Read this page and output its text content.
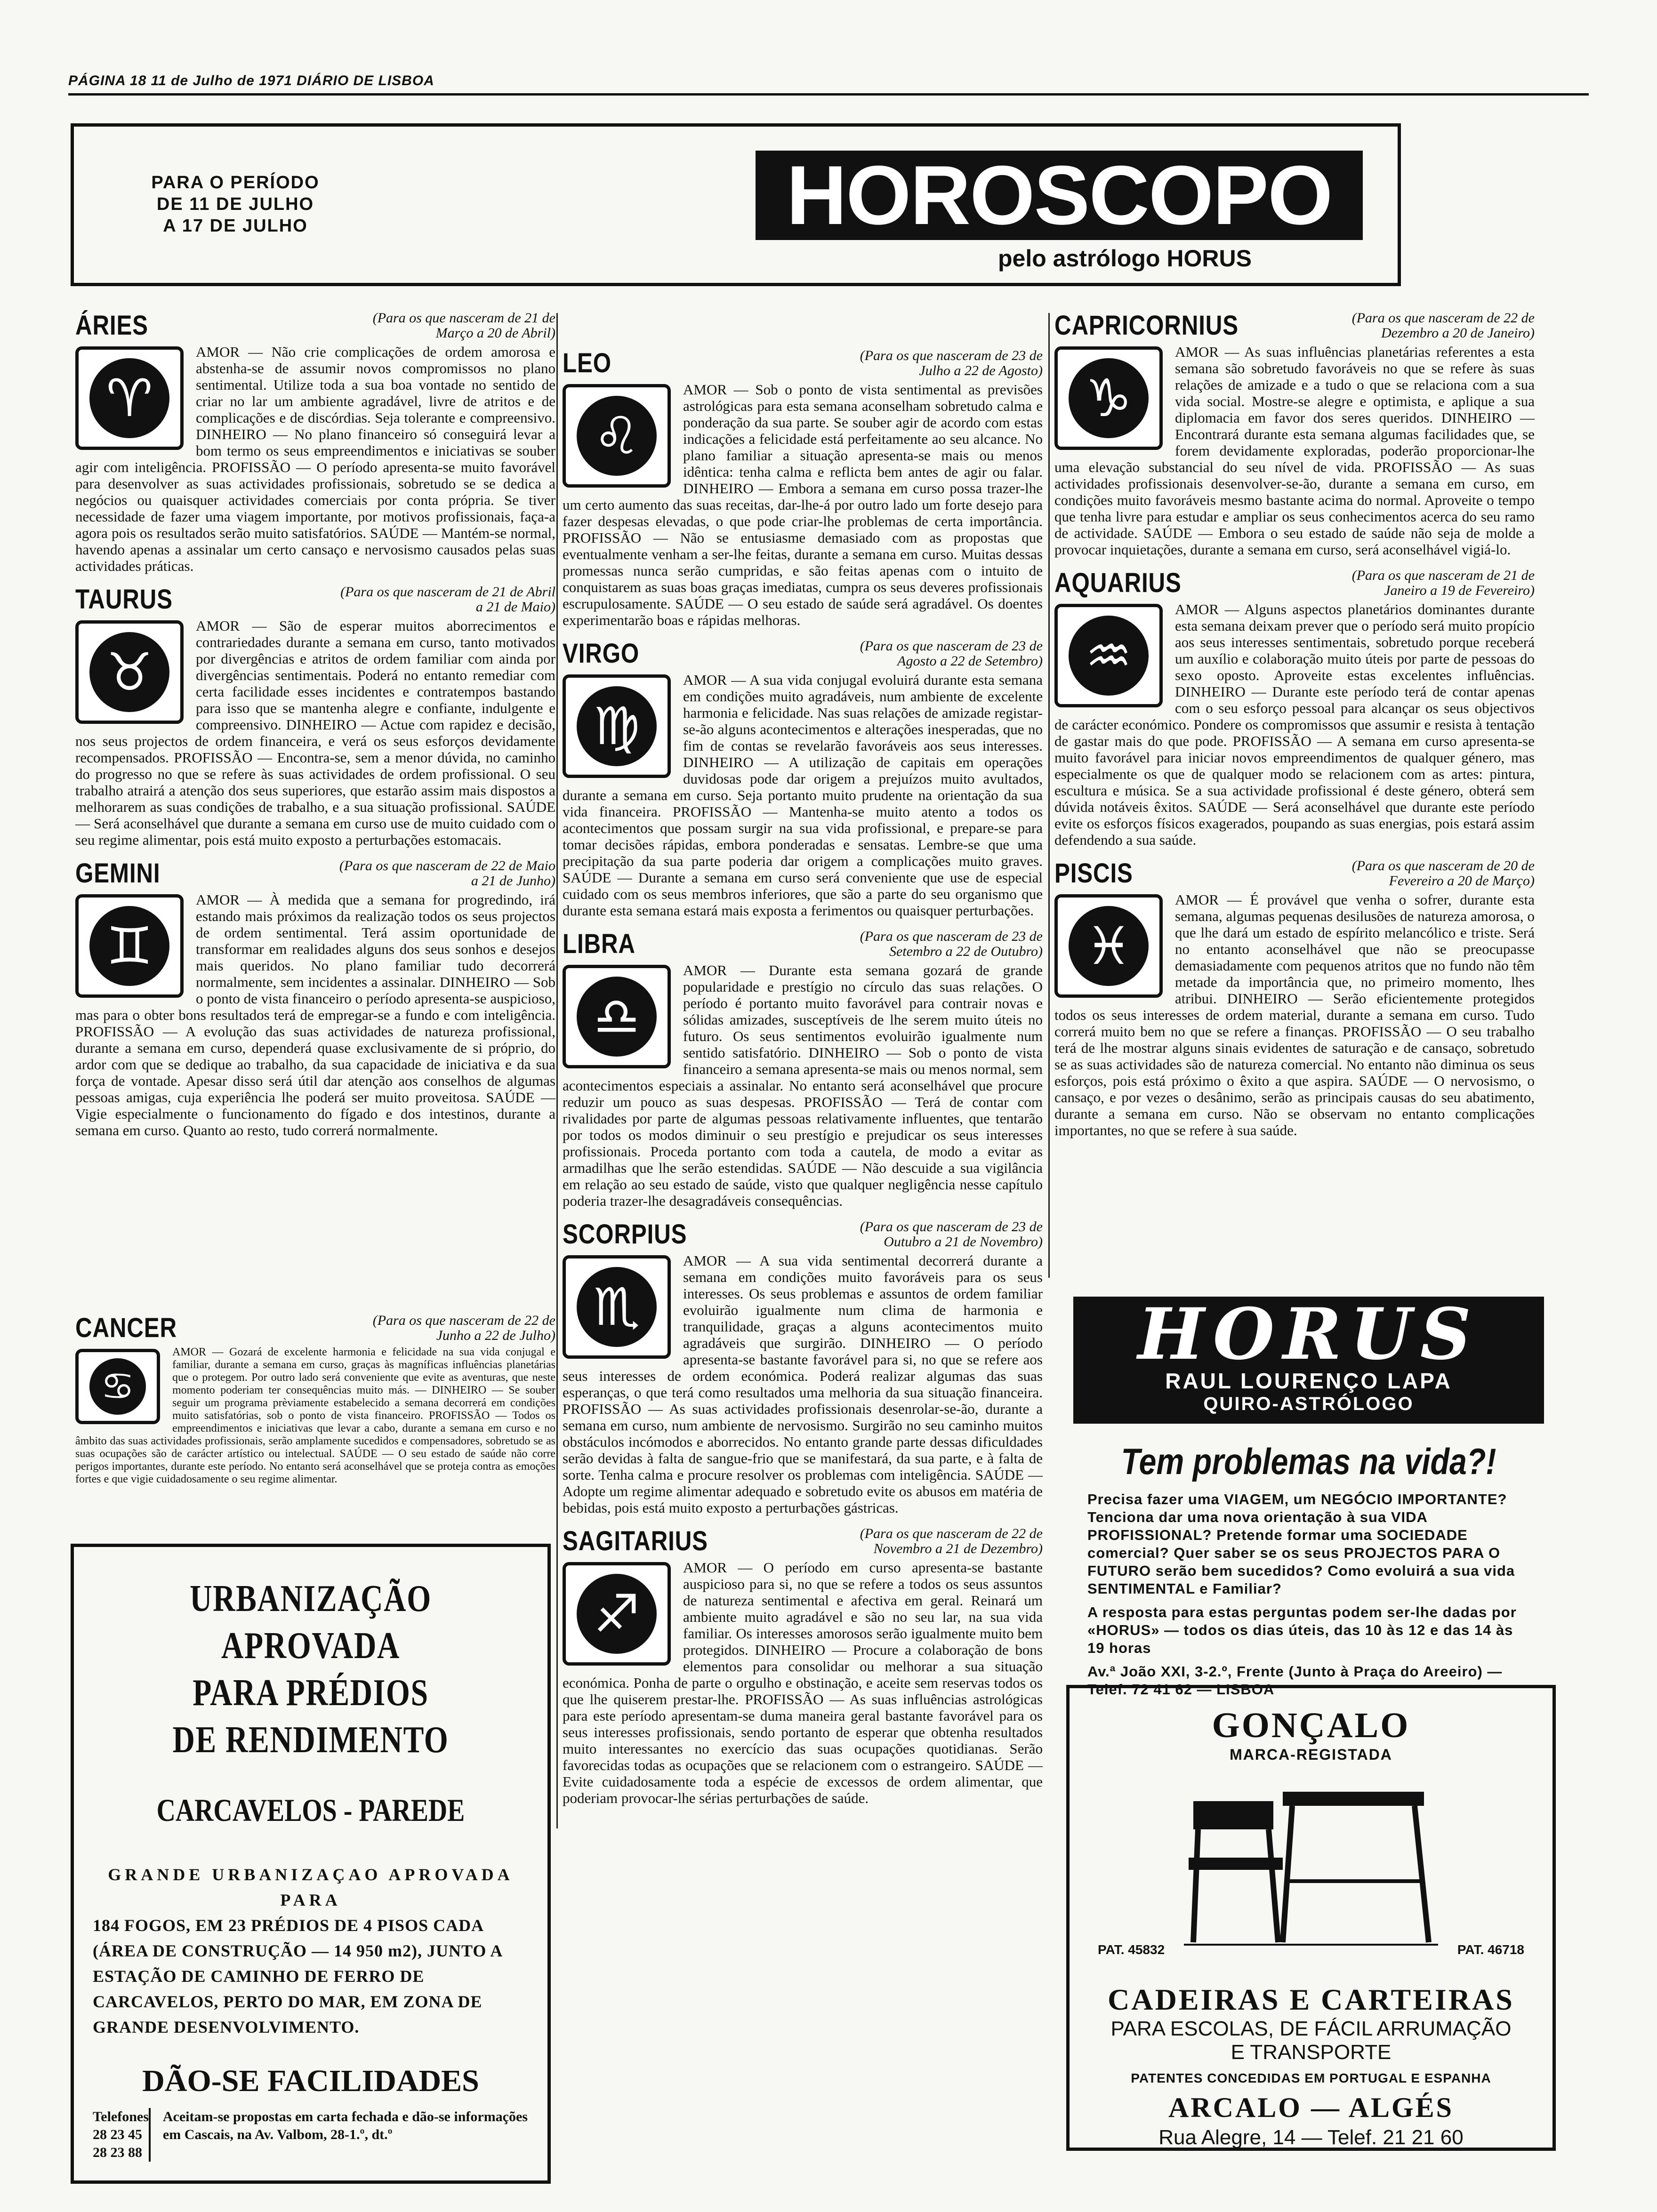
PÁGINA 18 11 de Julho de 1971 DIÁRIO DE LISBOA
PARA O PERÍODO
DE 11 DE JULHO
A 17 DE JULHO	HOROSCOPO
pelo astrólogo HORUS
ÁRIES	(Para os que nasceram de 21 de Março a 20 de Abril)
♈
AMOR — Não crie complicações de ordem amorosa e abstenha-se de assumir novos compromissos no plano sentimental. Utilize toda a sua boa vontade no sentido de criar no lar um ambiente agradável, livre de atritos e de complicações e de discórdias. Seja tolerante e compreensivo. DINHEIRO — No plano financeiro só conseguirá levar a bom termo os seus empreendimentos e iniciativas se souber agir com inteligência. PROFISSÃO — O período apresenta-se muito favorável para desenvolver as suas actividades profissionais, sobretudo se se dedica a negócios ou quaisquer actividades comerciais por conta própria. Se tiver necessidade de fazer uma viagem importante, por motivos profissionais, faça-a agora pois os resultados serão muito satisfatórios. SAÚDE — Mantém-se normal, havendo apenas a assinalar um certo cansaço e nervosismo causados pelas suas actividades práticas.
TAURUS	(Para os que nasceram de 21 de Abril a 21 de Maio)
♉
AMOR — São de esperar muitos aborrecimentos e contrariedades durante a semana em curso, tanto motivados por divergências e atritos de ordem familiar com ainda por divergências sentimentais. Poderá no entanto remediar com certa facilidade esses incidentes e contratempos bastando para isso que se mantenha alegre e confiante, indulgente e compreensivo. DINHEIRO — Actue com rapidez e decisão, nos seus projectos de ordem financeira, e verá os seus esforços devidamente recompensados. PROFISSÃO — Encontra-se, sem a menor dúvida, no caminho do progresso no que se refere às suas actividades de ordem profissional. O seu trabalho atrairá a atenção dos seus superiores, que estarão assim mais dispostos a melhorarem as suas condições de trabalho, e a sua situação profissional. SAÚDE — Será aconselhável que durante a semana em curso use de muito cuidado com o seu regime alimentar, pois está muito exposto a perturbações estomacais.
GEMINI	(Para os que nasceram de 22 de Maio a 21 de Junho)
♊
AMOR — À medida que a semana for progredindo, irá estando mais próximos da realização todos os seus projectos de ordem sentimental. Terá assim oportunidade de transformar em realidades alguns dos seus sonhos e desejos mais queridos. No plano familiar tudo decorrerá normalmente, sem incidentes a assinalar. DINHEIRO — Sob o ponto de vista financeiro o período apresenta-se auspicioso, mas para o obter bons resultados terá de empregar-se a fundo e com inteligência. PROFISSÃO — A evolução das suas actividades de natureza profissional, durante a semana em curso, dependerá quase exclusivamente de si próprio, do ardor com que se dedique ao trabalho, da sua capacidade de iniciativa e da sua força de vontade. Apesar disso será útil dar atenção aos conselhos de algumas pessoas amigas, cuja experiência lhe poderá ser muito proveitosa. SAÚDE — Vigie especialmente o funcionamento do fígado e dos intestinos, durante a semana em curso. Quanto ao resto, tudo correrá normalmente.
CANCER	(Para os que nasceram de 22 de Junho a 22 de Julho)
♋
AMOR — Gozará de excelente harmonia e felicidade na sua vida conjugal e familiar, durante a semana em curso, graças às magníficas influências planetárias que o protegem. Por outro lado será conveniente que evite as aventuras, que neste momento poderiam ter consequências muito más. — DINHEIRO — Se souber seguir um programa prèviamente estabelecido a semana decorrerá em condições muito satisfatórias, sob o ponto de vista financeiro. PROFISSÃO — Todos os empreendimentos e iniciativas que levar a cabo, durante a semana em curso e no âmbito das suas actividades profissionais, serão amplamente sucedidos e compensadores, sobretudo se as suas ocupações são de carácter artístico ou intelectual. SAÚDE — O seu estado de saúde não corre perigos importantes, durante este período. No entanto será aconselhável que se proteja contra as emoções fortes e que vigie cuidadosamente o seu regime alimentar.
URBANIZAÇÃO APROVADA
PARA PRÉDIOS
DE RENDIMENTO
CARCAVELOS - PAREDE
GRANDE URBANIZAÇAO APROVADA PARA
184 FOGOS, EM 23 PRÉDIOS DE 4 PISOS CADA (ÁREA DE CONSTRUÇÃO — 14 950 m2), JUNTO A ESTAÇÃO DE CAMINHO DE FERRO DE CARCAVELOS, PERTO DO MAR, EM ZONA DE GRANDE DESENVOLVIMENTO.
DÃO-SE FACILIDADES
Telefones
28 23 45
28 23 88
Aceitam-se propostas em carta fechada e dão-se informações em Cascais, na Av. Valbom, 28-1.º, dt.º
LEO	(Para os que nasceram de 23 de Julho a 22 de Agosto)
♌
AMOR — Sob o ponto de vista sentimental as previsões astrológicas para esta semana aconselham sobretudo calma e ponderação da sua parte. Se souber agir de acordo com estas indicações a felicidade está perfeitamente ao seu alcance. No plano familiar a situação apresenta-se mais ou menos idêntica: tenha calma e reflicta bem antes de agir ou falar. DINHEIRO — Embora a semana em curso possa trazer-lhe um certo aumento das suas receitas, dar-lhe-á por outro lado um forte desejo para fazer despesas elevadas, o que pode criar-lhe problemas de certa importância. PROFISSÃO — Não se entusiasme demasiado com as propostas que eventualmente venham a ser-lhe feitas, durante a semana em curso. Muitas dessas promessas nunca serão cumpridas, e são feitas apenas com o intuito de conquistarem as suas boas graças imediatas, cumpra os seus deveres profissionais escrupulosamente. SAÚDE — O seu estado de saúde será agradável. Os doentes experimentarão boas e rápidas melhoras.
VIRGO	(Para os que nasceram de 23 de Agosto a 22 de Setembro)
♍
AMOR — A sua vida conjugal evoluirá durante esta semana em condições muito agradáveis, num ambiente de excelente harmonia e felicidade. Nas suas relações de amizade registar-se-ão alguns acontecimentos e alterações inesperadas, que no fim de contas se revelarão favoráveis aos seus interesses. DINHEIRO — A utilização de capitais em operações duvidosas pode dar origem a prejuízos muito avultados, durante a semana em curso. Seja portanto muito prudente na orientação da sua vida financeira. PROFISSÃO — Mantenha-se muito atento a todos os acontecimentos que possam surgir na sua vida profissional, e prepare-se para tomar decisões rápidas, embora ponderadas e sensatas. Lembre-se que uma precipitação da sua parte poderia dar origem a complicações muito graves. SAÚDE — Durante a semana em curso será conveniente que use de especial cuidado com os seus membros inferiores, que são a parte do seu organismo que durante esta semana estará mais exposta a ferimentos ou quaisquer perturbações.
LIBRA	(Para os que nasceram de 23 de Setembro a 22 de Outubro)
♎
AMOR — Durante esta semana gozará de grande popularidade e prestígio no círculo das suas relações. O período é portanto muito favorável para contrair novas e sólidas amizades, susceptíveis de lhe serem muito úteis no futuro. Os seus sentimentos evoluirão igualmente num sentido satisfatório. DINHEIRO — Sob o ponto de vista financeiro a semana apresenta-se mais ou menos normal, sem acontecimentos especiais a assinalar. No entanto será aconselhável que procure reduzir um pouco as suas despesas. PROFISSÃO — Terá de contar com rivalidades por parte de algumas pessoas relativamente influentes, que tentarão por todos os modos diminuir o seu prestígio e prejudicar os seus interesses profissionais. Proceda portanto com toda a cautela, de modo a evitar as armadilhas que lhe serão estendidas. SAÚDE — Não descuide a sua vigilância em relação ao seu estado de saúde, visto que qualquer negligência nesse capítulo poderia trazer-lhe desagradáveis consequências.
SCORPIUS	(Para os que nasceram de 23 de Outubro a 21 de Novembro)
♏
AMOR — A sua vida sentimental decorrerá durante a semana em condições muito favoráveis para os seus interesses. Os seus problemas e assuntos de ordem familiar evoluirão igualmente num clima de harmonia e tranquilidade, graças a alguns acontecimentos muito agradáveis que surgirão. DINHEIRO — O período apresenta-se bastante favorável para si, no que se refere aos seus interesses de ordem económica. Poderá realizar algumas das suas esperanças, o que terá como resultados uma melhoria da sua situação financeira. PROFISSÃO — As suas actividades profissionais desenrolar-se-ão, durante a semana em curso, num ambiente de nervosismo. Surgirão no seu caminho muitos obstáculos incómodos e aborrecidos. No entanto grande parte dessas dificuldades serão devidas à falta de sangue-frio que se manifestará, da sua parte, e à falta de sorte. Tenha calma e procure resolver os problemas com inteligência. SAÚDE — Adopte um regime alimentar adequado e sobretudo evite os abusos em matéria de bebidas, pois está muito exposto a perturbações gástricas.
SAGITARIUS	(Para os que nasceram de 22 de Novembro a 21 de Dezembro)
♐
AMOR — O período em curso apresenta-se bastante auspicioso para si, no que se refere a todos os seus assuntos de natureza sentimental e afectiva em geral. Reinará um ambiente muito agradável e são no seu lar, na sua vida familiar. Os interesses amorosos serão igualmente muito bem protegidos. DINHEIRO — Procure a colaboração de bons elementos para consolidar ou melhorar a sua situação económica. Ponha de parte o orgulho e obstinação, e aceite sem reservas todos os que lhe quiserem prestar-lhe. PROFISSÃO — As suas influências astrológicas para este período apresentam-se duma maneira geral bastante favorável para os seus interesses profissionais, sendo portanto de esperar que obtenha resultados muito interessantes no exercício das suas ocupações quotidianas. Serão favorecidas todas as ocupações que se relacionem com o estrangeiro. SAÚDE — Evite cuidadosamente toda a espécie de excessos de ordem alimentar, que poderiam provocar-lhe sérias perturbações de saúde.
CAPRICORNIUS	(Para os que nasceram de 22 de Dezembro a 20 de Janeiro)
♑
AMOR — As suas influências planetárias referentes a esta semana são sobretudo favoráveis no que se refere às suas relações de amizade e a tudo o que se relaciona com a sua vida social. Mostre-se alegre e optimista, e aplique a sua diplomacia em favor dos seres queridos. DINHEIRO — Encontrará durante esta semana algumas facilidades que, se forem devidamente exploradas, poderão proporcionar-lhe uma elevação substancial do seu nível de vida. PROFISSÃO — As suas actividades profissionais desenvolver-se-ão, durante a semana em curso, em condições muito favoráveis mesmo bastante acima do normal. Aproveite o tempo que tenha livre para estudar e ampliar os seus conhecimentos acerca do seu ramo de actividade. SAÚDE — Embora o seu estado de saúde não seja de molde a provocar inquietações, durante a semana em curso, será aconselhável vigiá-lo.
AQUARIUS	(Para os que nasceram de 21 de Janeiro a 19 de Fevereiro)
♒
AMOR — Alguns aspectos planetários dominantes durante esta semana deixam prever que o período será muito propício aos seus interesses sentimentais, sobretudo porque receberá um auxílio e colaboração muito úteis por parte de pessoas do sexo oposto. Aproveite estas excelentes influências. DINHEIRO — Durante este período terá de contar apenas com o seu esforço pessoal para alcançar os seus objectivos de carácter económico. Pondere os compromissos que assumir e resista à tentação de gastar mais do que pode. PROFISSÃO — A semana em curso apresenta-se muito favorável para iniciar novos empreendimentos de qualquer género, mas especialmente os que de qualquer modo se relacionem com as artes: pintura, escultura e música. Se a sua actividade profissional é deste género, obterá sem dúvida notáveis êxitos. SAÚDE — Será aconselhável que durante este período evite os esforços físicos exagerados, poupando as suas energias, pois estará assim defendendo a sua saúde.
PISCIS	(Para os que nasceram de 20 de Fevereiro a 20 de Março)
♓
AMOR — É provável que venha o sofrer, durante esta semana, algumas pequenas desilusões de natureza amorosa, o que lhe dará um estado de espírito melancólico e triste. Será no entanto aconselhável que não se preocupasse demasiadamente com pequenos atritos que no fundo não têm metade da importância que, no primeiro momento, lhes atribui. DINHEIRO — Serão eficientemente protegidos todos os seus interesses de ordem material, durante a semana em curso. Tudo correrá muito bem no que se refere a finanças. PROFISSÃO — O seu trabalho terá de lhe mostrar alguns sinais evidentes de saturação e de cansaço, sobretudo se as suas actividades são de natureza comercial. No entanto não diminua os seus esforços, pois está próximo o êxito a que aspira. SAÚDE — O nervosismo, o cansaço, e por vezes o desânimo, serão as principais causas do seu abatimento, durante a semana em curso. Não se observam no entanto complicações importantes, no que se refere à sua saúde.
HORUS
RAUL LOURENÇO LAPA
QUIRO-ASTRÓLOGO
Tem problemas na vida?!

Precisa fazer uma VIAGEM, um NEGÓCIO IMPORTANTE? Tenciona dar uma nova orientação à sua VIDA PROFISSIONAL? Pretende formar uma SOCIEDADE comercial? Quer saber se os seus PROJECTOS PARA O FUTURO serão bem sucedidos? Como evoluirá a sua vida SENTIMENTAL e Familiar?

A resposta para estas perguntas podem ser-lhe dadas por «HORUS» — todos os dias úteis, das 10 às 12 e das 14 às 19 horas

Av.ª João XXI, 3-2.º, Frente (Junto à Praça do Areeiro) — Telef. 72 41 62 — LISBOA

GONÇALO
MARCA-REGISTADA
PAT. 45832	PAT. 46718
CADEIRAS E CARTEIRAS
PARA ESCOLAS, DE FÁCIL ARRUMAÇÃO
E TRANSPORTE
PATENTES CONCEDIDAS EM PORTUGAL E ESPANHA
ARCALO — ALGÉS
Rua Alegre, 14 — Telef. 21 21 60
